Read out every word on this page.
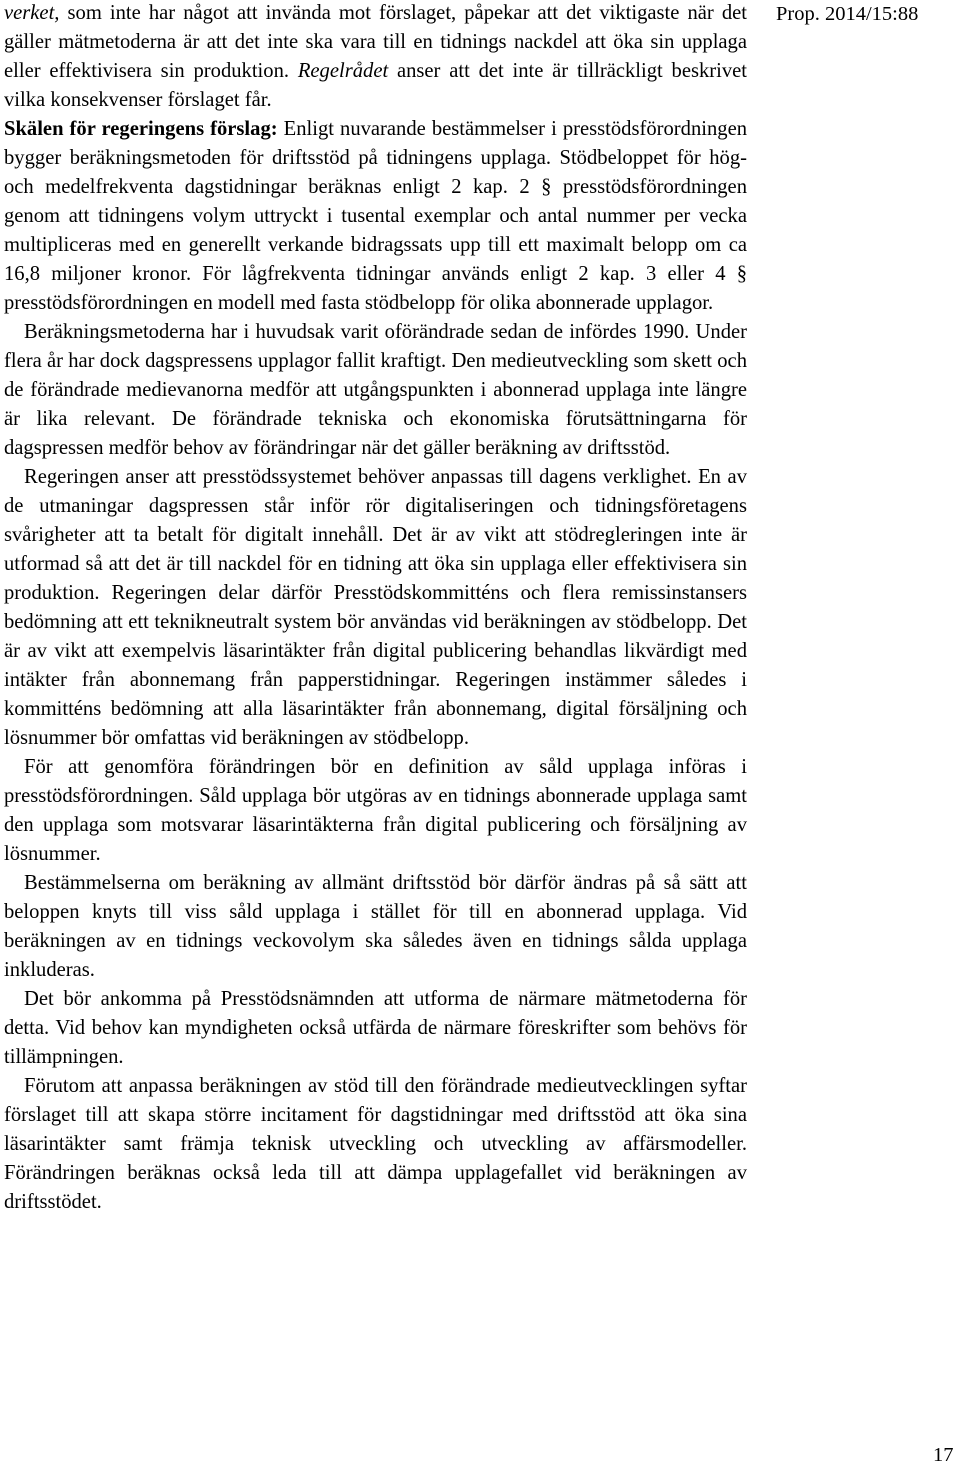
Prop. 2014/15:88

verket, som inte har något att invända mot förslaget, påpekar att det viktigaste när det gäller mätmetoderna är att det inte ska vara till en tidnings nackdel att öka sin upplaga eller effektivisera sin produktion. Regelrådet anser att det inte är tillräckligt beskrivet vilka konsekvenser förslaget får.

Skälen för regeringens förslag: Enligt nuvarande bestämmelser i presstödsförordningen bygger beräkningsmetoden för driftsstöd på tidningens upplaga. Stödbeloppet för hög- och medelfrekventa dagstidningar beräknas enligt 2 kap. 2 § presstödsförordningen genom att tidningens volym uttryckt i tusental exemplar och antal nummer per vecka multipliceras med en generellt verkande bidragssats upp till ett maximalt belopp om ca 16,8 miljoner kronor. För lågfrekventa tidningar används enligt 2 kap. 3 eller 4 § presstödsförordningen en modell med fasta stödbelopp för olika abonnerade upplagor.

Beräkningsmetoderna har i huvudsak varit oförändrade sedan de infördes 1990. Under flera år har dock dagspressens upplagor fallit kraftigt. Den medieutveckling som skett och de förändrade medievanorna medför att utgångspunkten i abonnerad upplaga inte längre är lika relevant. De förändrade tekniska och ekonomiska förutsättningarna för dagspressen medför behov av förändringar när det gäller beräkning av driftsstöd.

Regeringen anser att presstödssystemet behöver anpassas till dagens verklighet. En av de utmaningar dagspressen står inför rör digitaliseringen och tidningsföretagens svårigheter att ta betalt för digitalt innehåll. Det är av vikt att stödregleringen inte är utformad så att det är till nackdel för en tidning att öka sin upplaga eller effektivisera sin produktion. Regeringen delar därför Presstödskommitténs och flera remissinstansers bedömning att ett teknikneutralt system bör användas vid beräkningen av stödbelopp. Det är av vikt att exempelvis läsarintäkter från digital publicering behandlas likvärdigt med intäkter från abonnemang från papperstidningar. Regeringen instämmer således i kommitténs bedömning att alla läsarintäkter från abonnemang, digital försäljning och lösnummer bör omfattas vid beräkningen av stödbelopp.

För att genomföra förändringen bör en definition av såld upplaga införas i presstödsförordningen. Såld upplaga bör utgöras av en tidnings abonnerade upplaga samt den upplaga som motsvarar läsarintäkterna från digital publicering och försäljning av lösnummer.

Bestämmelserna om beräkning av allmänt driftsstöd bör därför ändras på så sätt att beloppen knyts till viss såld upplaga i stället för till en abonnerad upplaga. Vid beräkningen av en tidnings veckovolym ska således även en tidnings sålda upplaga inkluderas.

Det bör ankomma på Presstödsnämnden att utforma de närmare mätmetoderna för detta. Vid behov kan myndigheten också utfärda de närmare föreskrifter som behövs för tillämpningen.

Förutom att anpassa beräkningen av stöd till den förändrade medieutvecklingen syftar förslaget till att skapa större incitament för dagstidningar med driftsstöd att öka sina läsarintäkter samt främja teknisk utveckling och utveckling av affärsmodeller. Förändringen beräknas också leda till att dämpa upplagefallet vid beräkningen av driftsstödet.

17
